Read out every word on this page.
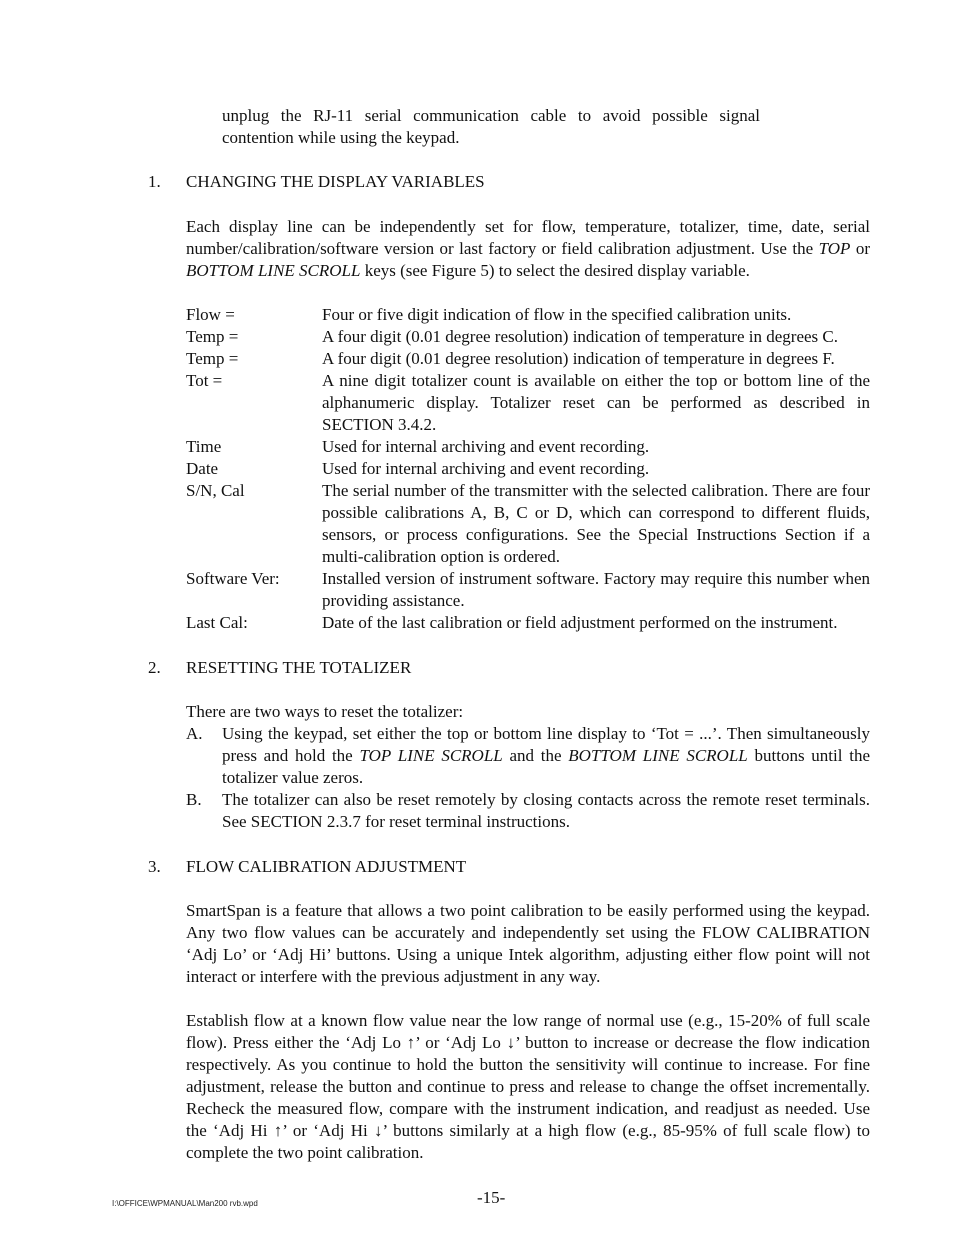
unplug the RJ-11 serial communication cable to avoid possible signal
contention while using the keypad.
1. CHANGING THE DISPLAY VARIABLES
Each display line can be independently set for flow, temperature, totalizer, time, date, serial number/calibration/software version or last factory or field calibration adjustment. Use the TOP or BOTTOM LINE SCROLL keys (see Figure 5) to select the desired display variable.
Flow =	Four or five digit indication of flow in the specified calibration units.
Temp =	A four digit (0.01 degree resolution) indication of temperature in degrees C.
Temp =	A four digit (0.01 degree resolution) indication of temperature in degrees F.
Tot =	A nine digit totalizer count is available on either the top or bottom line of the alphanumeric display. Totalizer reset can be performed as described in SECTION 3.4.2.
Time	Used for internal archiving and event recording.
Date	Used for internal archiving and event recording.
S/N, Cal	The serial number of the transmitter with the selected calibration. There are four possible calibrations A, B, C or D, which can correspond to different fluids, sensors, or process configurations. See the Special Instructions Section if a multi-calibration option is ordered.
Software Ver:	Installed version of instrument software. Factory may require this number when providing assistance.
Last Cal:	Date of the last calibration or field adjustment performed on the instrument.
2. RESETTING THE TOTALIZER
There are two ways to reset the totalizer:
A.	Using the keypad, set either the top or bottom line display to ‘Tot = ...’. Then simultaneously press and hold the TOP LINE SCROLL and the BOTTOM LINE SCROLL buttons until the totalizer value zeros.
B.	The totalizer can also be reset remotely by closing contacts across the remote reset terminals. See SECTION 2.3.7 for reset terminal instructions.
3. FLOW CALIBRATION ADJUSTMENT
SmartSpan is a feature that allows a two point calibration to be easily performed using the keypad. Any two flow values can be accurately and independently set using the FLOW CALIBRATION ‘Adj Lo’ or ‘Adj Hi’ buttons. Using a unique Intek algorithm, adjusting either flow point will not interact or interfere with the previous adjustment in any way.
Establish flow at a known flow value near the low range of normal use (e.g., 15-20% of full scale flow). Press either the ‘Adj Lo ↑’ or ‘Adj Lo ↓’ button to increase or decrease the flow indication respectively. As you continue to hold the button the sensitivity will continue to increase. For fine adjustment, release the button and continue to press and release to change the offset incrementally. Recheck the measured flow, compare with the instrument indication, and readjust as needed. Use the ‘Adj Hi ↑’ or ‘Adj Hi ↓’ buttons similarly at a high flow (e.g., 85-95% of full scale flow) to complete the two point calibration.
I:\OFFICE\WPMANUAL\Man200 rvb.wpd	-15-
